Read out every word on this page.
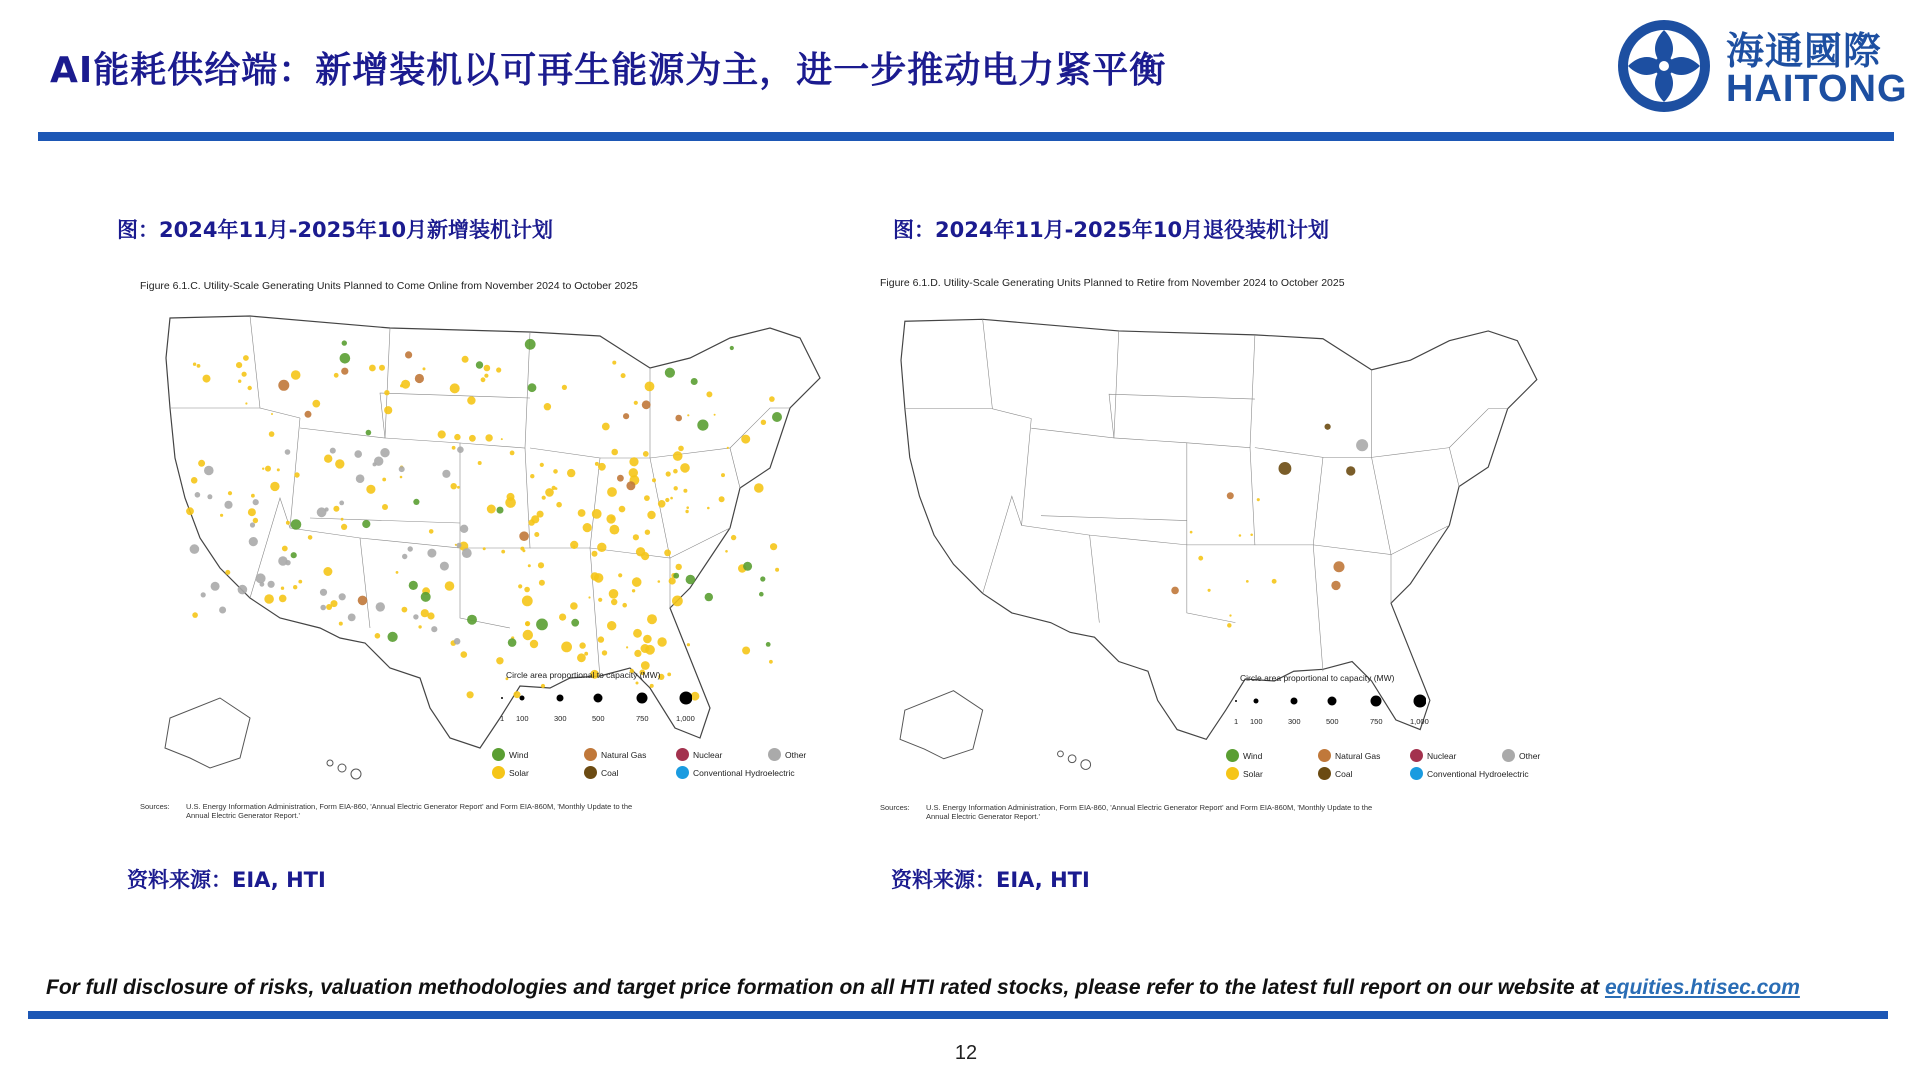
AI能耗供给端：新增装机以可再生能源为主，进一步推动电力紧平衡	海通國際
HAITONG
图：2024年11月-2025年10月新增装机计划
Figure 6.1.C. Utility-Scale Generating Units Planned to Come Online from November 2024 to October 2025
Circle area proportional to capacity (MW)
1 100	300	500	750	1,000
Wind	Natural Gas	Nuclear	Other
Solar	Coal	Conventional Hydroelectric
Sources: U.S. Energy Information Administration, Form EIA-860, 'Annual Electric Generator Report' and Form EIA-860M, 'Monthly Update to the
Annual Electric Generator Report.'
资料来源：EIA, HTI
图：2024年11月-2025年10月退役装机计划
Figure 6.1.D. Utility-Scale Generating Units Planned to Retire from November 2024 to October 2025
Circle area proportional to capacity (MW)
1 100	300	500	750	1,000
Wind	Natural Gas	Nuclear	Other
Solar	Coal	Conventional Hydroelectric
Sources: U.S. Energy Information Administration, Form EIA-860, 'Annual Electric Generator Report' and Form EIA-860M, 'Monthly Update to the
Annual Electric Generator Report.'
资料来源：EIA, HTI
For full disclosure of risks, valuation methodologies and target price formation on all HTI rated stocks, please refer to the latest full report on our website at equities.htisec.com
12
